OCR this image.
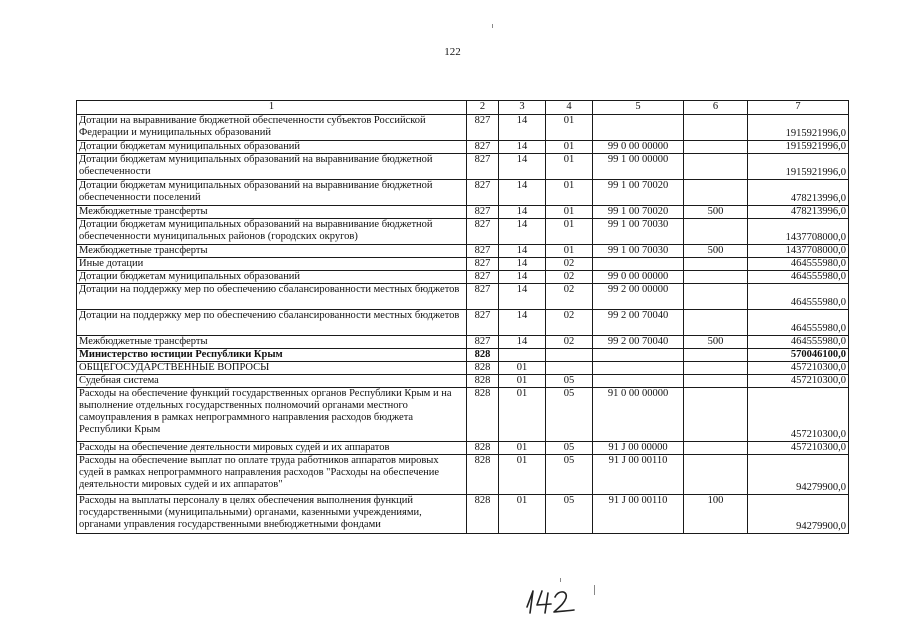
122
1	2	3	4	5	6	7
Дотации на выравнивание бюджетной обеспеченности субъектов Российской Федерации и муниципальных образований	827	14	01			1915921996,0
Дотации бюджетам муниципальных образований	827	14	01	99 0 00 00000		1915921996,0
Дотации бюджетам муниципальных образований на выравнивание бюджетной обеспеченности	827	14	01	99 1 00 00000		1915921996,0
Дотации бюджетам муниципальных образований на выравнивание бюджетной обеспеченности поселений	827	14	01	99 1 00 70020		478213996,0
Межбюджетные трансферты	827	14	01	99 1 00 70020	500	478213996,0
Дотации бюджетам муниципальных образований на выравнивание бюджетной обеспеченности муниципальных районов (городских округов)	827	14	01	99 1 00 70030		1437708000,0
Межбюджетные трансферты	827	14	01	99 1 00 70030	500	1437708000,0
Иные дотации	827	14	02			464555980,0
Дотации бюджетам муниципальных образований	827	14	02	99 0 00 00000		464555980,0
Дотации на поддержку мер по обеспечению сбалансированности местных бюджетов	827	14	02	99 2 00 00000		464555980,0
Дотации на поддержку мер по обеспечению сбалансированности местных бюджетов	827	14	02	99 2 00 70040		464555980,0
Межбюджетные трансферты	827	14	02	99 2 00 70040	500	464555980,0
Министерство юстиции Республики Крым	828					570046100,0
ОБЩЕГОСУДАРСТВЕННЫЕ ВОПРОСЫ	828	01				457210300,0
Судебная система	828	01	05			457210300,0
Расходы на обеспечение функций государственных органов Республики Крым и на выполнение отдельных государственных полномочий органами местного самоуправления в рамках непрограммного направления расходов бюджета Республики Крым	828	01	05	91 0 00 00000		457210300,0
Расходы на обеспечение деятельности мировых судей и их аппаратов	828	01	05	91 J 00 00000		457210300,0
Расходы на обеспечение выплат по оплате труда работников аппаратов мировых судей в рамках непрограммного направления расходов "Расходы на обеспечение деятельности мировых судей и их аппаратов"	828	01	05	91 J 00 00110		94279900,0
Расходы на выплаты персоналу в целях обеспечения выполнения функций государственными (муниципальными) органами, казенными учреждениями, органами управления государственными внебюджетными фондами	828	01	05	91 J 00 00110	100	94279900,0
